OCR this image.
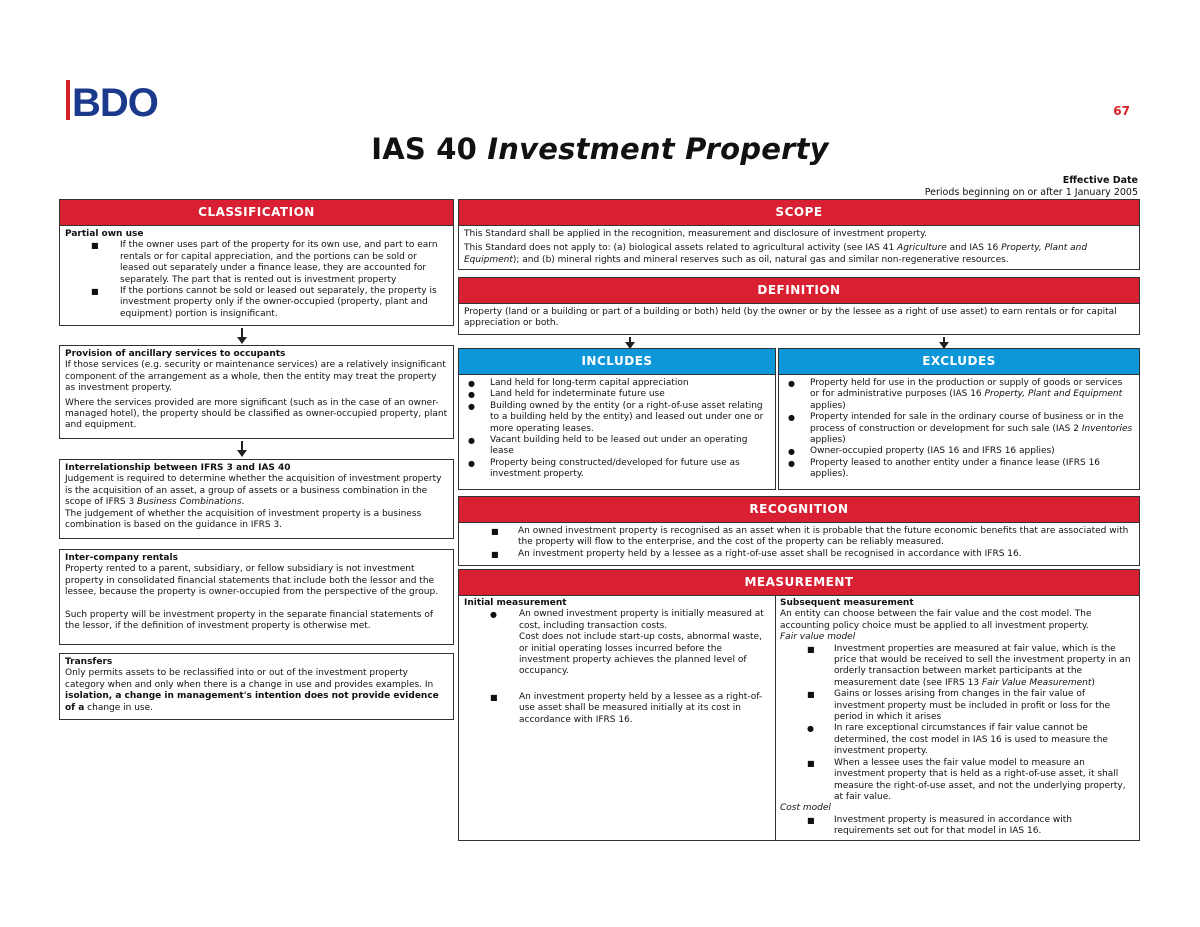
BDO	67
IAS 40 Investment Property
Effective Date
Periods beginning on or after 1 January 2005
CLASSIFICATION
Partial own use
■ If the owner uses part of the property for its own use, and part to earn rentals or for capital appreciation, and the portions can be sold or leased out separately under a finance lease, they are accounted for separately. The part that is rented out is investment property
■ If the portions cannot be sold or leased out separately, the property is investment property only if the owner-occupied (property, plant and equipment) portion is insignificant.
Provision of ancillary services to occupants

If those services (e.g. security or maintenance services) are a relatively insignificant component of the arrangement as a whole, then the entity may treat the property as investment property.

Where the services provided are more significant (such as in the case of an owner-managed hotel), the property should be classified as owner-occupied property, plant and equipment.

Interrelationship between IFRS 3 and IAS 40
Judgement is required to determine whether the acquisition of investment property is the acquisition of an asset, a group of assets or a business combination in the scope of IFRS 3 Business Combinations.
The judgement of whether the acquisition of investment property is a business combination is based on the guidance in IFRS 3.
Inter-company rentals

Property rented to a parent, subsidiary, or fellow subsidiary is not investment property in consolidated financial statements that include both the lessor and the lessee, because the property is owner-occupied from the perspective of the group.

Such property will be investment property in the separate financial statements of the lessor, if the definition of investment property is otherwise met.

Transfers
Only permits assets to be reclassified into or out of the investment property category when and only when there is a change in use and provides examples. In isolation, a change in management's intention does not provide evidence of a change in use.
SCOPE

This Standard shall be applied in the recognition, measurement and disclosure of investment property.

This Standard does not apply to: (a) biological assets related to agricultural activity (see IAS 41 Agriculture and IAS 16 Property, Plant and Equipment); and (b) mineral rights and mineral reserves such as oil, natural gas and similar non-regenerative resources.

DEFINITION
Property (land or a building or part of a building or both) held (by the owner or by the lessee as a right of use asset) to earn rentals or for capital appreciation or both.
INCLUDES
● Land held for long-term capital appreciation
● Land held for indeterminate future use
● Building owned by the entity (or a right-of-use asset relating to a building held by the entity) and leased out under one or more operating leases.
● Vacant building held to be leased out under an operating lease
● Property being constructed/developed for future use as investment property.
EXCLUDES
● Property held for use in the production or supply of goods or services or for administrative purposes (IAS 16 Property, Plant and Equipment applies)
● Property intended for sale in the ordinary course of business or in the process of construction or development for such sale (IAS 2 Inventories applies)
● Owner-occupied property (IAS 16 and IFRS 16 applies)
● Property leased to another entity under a finance lease (IFRS 16 applies).
RECOGNITION
■ An owned investment property is recognised as an asset when it is probable that the future economic benefits that are associated with the property will flow to the enterprise, and the cost of the property can be reliably measured.
■ An investment property held by a lessee as a right-of-use asset shall be recognised in accordance with IFRS 16.
MEASUREMENT
Initial measurement
● An owned investment property is initially measured at cost, including transaction costs.
Cost does not include start-up costs, abnormal waste, or initial operating losses incurred before the investment property achieves the planned level of occupancy.
■ An investment property held by a lessee as a right-of-use asset shall be measured initially at its cost in accordance with IFRS 16.
Subsequent measurement
An entity can choose between the fair value and the cost model. The accounting policy choice must be applied to all investment property.
Fair value model
■ Investment properties are measured at fair value, which is the price that would be received to sell the investment property in an orderly transaction between market participants at the measurement date (see IFRS 13 Fair Value Measurement)
■ Gains or losses arising from changes in the fair value of investment property must be included in profit or loss for the period in which it arises
● In rare exceptional circumstances if fair value cannot be determined, the cost model in IAS 16 is used to measure the investment property.
■ When a lessee uses the fair value model to measure an investment property that is held as a right-of-use asset, it shall measure the right-of-use asset, and not the underlying property, at fair value.
Cost model
■ Investment property is measured in accordance with requirements set out for that model in IAS 16.
